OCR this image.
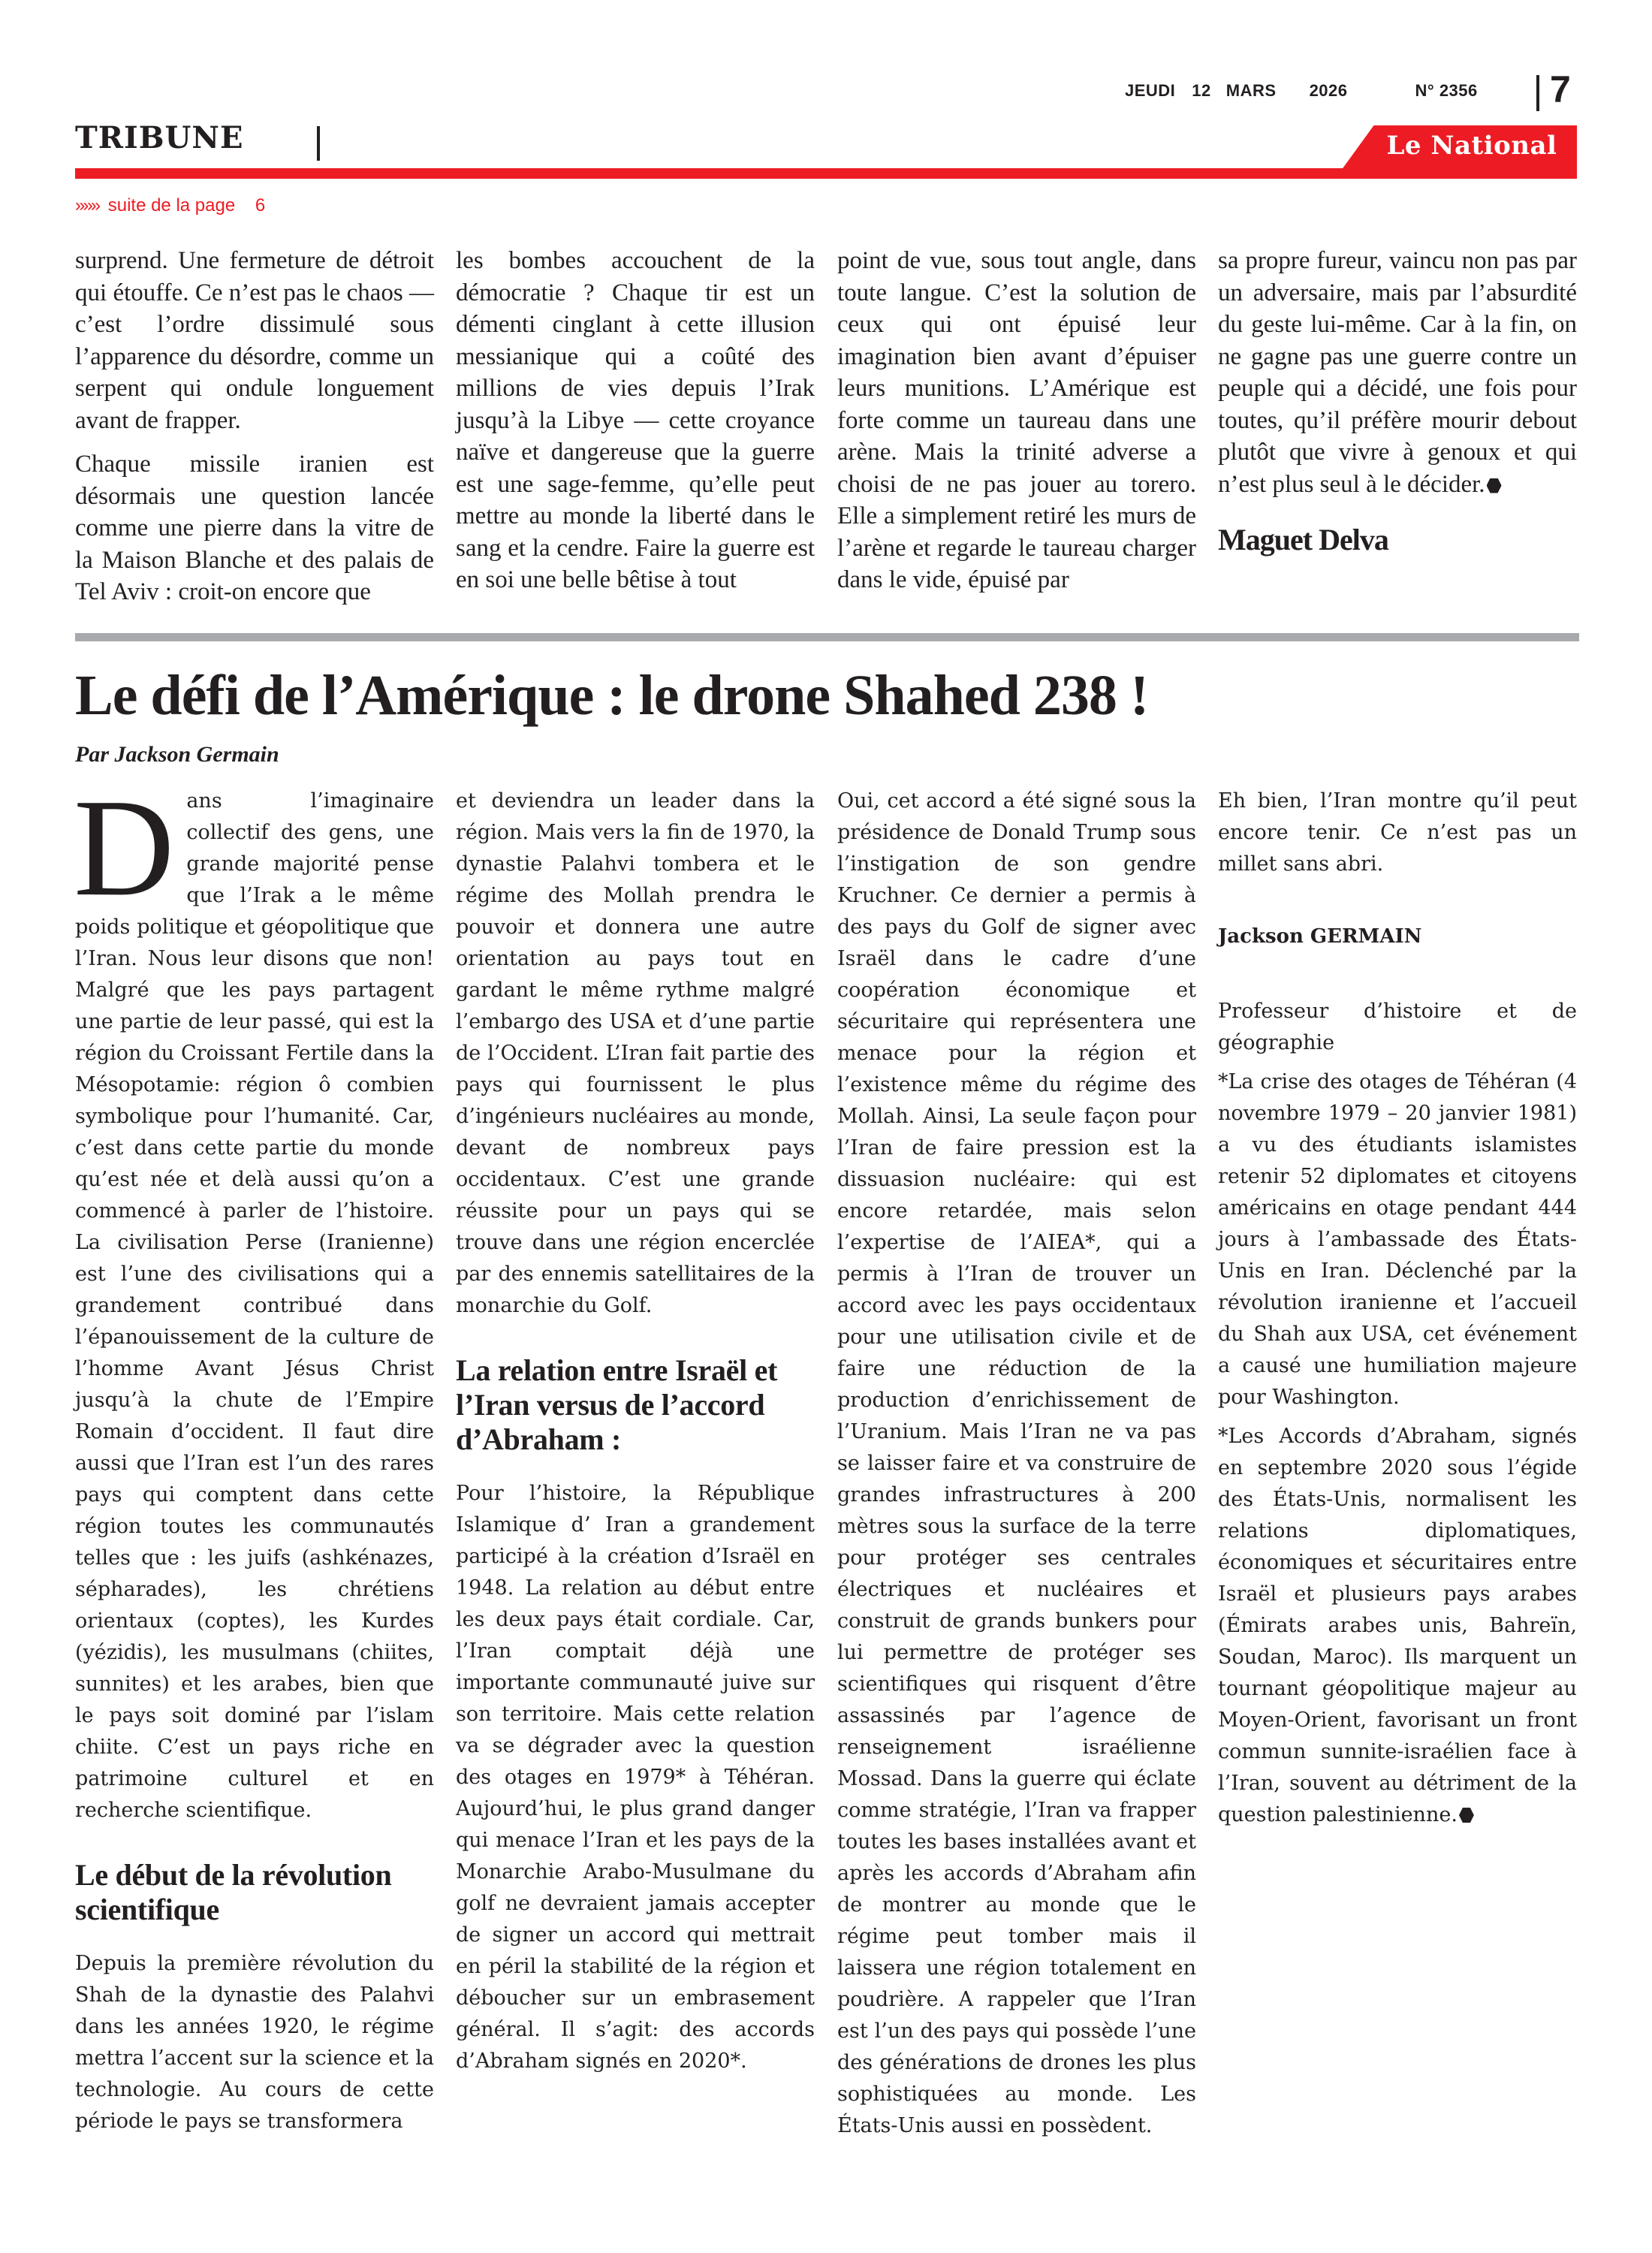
JEUDI 12 MARS 2026	N° 2356 7
TRIBUNE	Le National
»»» suite de la page 6

surprend. Une fermeture de détroit qui étouffe. Ce n’est pas le chaos — c’est l’ordre dissimulé sous l’apparence du désordre, comme un serpent qui ondule longuement avant de frapper.

Chaque missile iranien est désormais une question lancée comme une pierre dans la vitre de la Maison Blanche et des palais de Tel Aviv : croit-on encore que

les bombes accouchent de la démocratie ? Chaque tir est un démenti cinglant à cette illusion messianique qui a coûté des millions de vies depuis l’Irak jusqu’à la Libye — cette croyance naïve et dangereuse que la guerre est une sage-femme, qu’elle peut mettre au monde la liberté dans le sang et la cendre. Faire la guerre est en soi une belle bêtise à tout

point de vue, sous tout angle, dans toute langue. C’est la solution de ceux qui ont épuisé leur imagination bien avant d’épuiser leurs munitions. L’Amérique est forte comme un taureau dans une arène. Mais la trinité adverse a choisi de ne pas jouer au torero. Elle a simplement retiré les murs de l’arène et regarde le taureau charger dans le vide, épuisé par

sa propre fureur, vaincu non pas par un adversaire, mais par l’absurdité du geste lui-même. Car à la fin, on ne gagne pas une guerre contre un peuple qui a décidé, une fois pour toutes, qu’il préfère mourir debout plutôt que vivre à genoux et qui n’est plus seul à le décider.

Maguet Delva
Le défi de l’Amérique : le drone Shahed 238 !
Par Jackson Germain

Dans l’imaginaire collectif des gens, une grande majorité pense que l’Irak a le même poids politique et géopolitique que l’Iran. Nous leur disons que non! Malgré que les pays partagent une partie de leur passé, qui est la région du Croissant Fertile dans la Mésopotamie: région ô combien symbolique pour l’humanité. Car, c’est dans cette partie du monde qu’est née et delà aussi qu’on a commencé à parler de l’histoire. La civilisation Perse (Iranienne) est l’une des civilisations qui a grandement contribué dans l’épanouissement de la culture de l’homme Avant Jésus Christ jusqu’à la chute de l’Empire Romain d’occident. Il faut dire aussi que l’Iran est l’un des rares pays qui comptent dans cette région toutes les communautés telles que : les juifs (ashkénazes, sépharades), les chrétiens orientaux (coptes), les Kurdes (yézidis), les musulmans (chiites, sunnites) et les arabes, bien que le pays soit dominé par l’islam chiite. C’est un pays riche en patrimoine culturel et en recherche scientifique.

Le début de la révolution scientifique

Depuis la première révolution du Shah de la dynastie des Palahvi dans les années 1920, le régime mettra l’accent sur la science et la technologie. Au cours de cette période le pays se transformera

et deviendra un leader dans la région. Mais vers la fin de 1970, la dynastie Palahvi tombera et le régime des Mollah prendra le pouvoir et donnera une autre orientation au pays tout en gardant le même rythme malgré l’embargo des USA et d’une partie de l’Occident. L’Iran fait partie des pays qui fournissent le plus d’ingénieurs nucléaires au monde, devant de nombreux pays occidentaux. C’est une grande réussite pour un pays qui se trouve dans une région encerclée par des ennemis satellitaires de la monarchie du Golf.

La relation entre Israël et l’Iran versus de l’accord d’Abraham :

Pour l’histoire, la République Islamique d’ Iran a grandement participé à la création d’Israël en 1948. La relation au début entre les deux pays était cordiale. Car, l’Iran comptait déjà une importante communauté juive sur son territoire. Mais cette relation va se dégrader avec la question des otages en 1979* à Téhéran. Aujourd’hui, le plus grand danger qui menace l’Iran et les pays de la Monarchie Arabo-Musulmane du golf ne devraient jamais accepter de signer un accord qui mettrait en péril la stabilité de la région et déboucher sur un embrasement général. Il s’agit: des accords d’Abraham signés en 2020*.

Oui, cet accord a été signé sous la présidence de Donald Trump sous l’instigation de son gendre Kruchner. Ce dernier a permis à des pays du Golf de signer avec Israël dans le cadre d’une coopération économique et sécuritaire qui représentera une menace pour la région et l’existence même du régime des Mollah. Ainsi, La seule façon pour l’Iran de faire pression est la dissuasion nucléaire: qui est encore retardée, mais selon l’expertise de l’AIEA*, qui a permis à l’Iran de trouver un accord avec les pays occidentaux pour une utilisation civile et de faire une réduction de la production d’enrichissement de l’Uranium. Mais l’Iran ne va pas se laisser faire et va construire de grandes infrastructures à 200 mètres sous la surface de la terre pour protéger ses centrales électriques et nucléaires et construit de grands bunkers pour lui permettre de protéger ses scientifiques qui risquent d’être assassinés par l’agence de renseignement israélienne Mossad. Dans la guerre qui éclate comme stratégie, l’Iran va frapper toutes les bases installées avant et après les accords d’Abraham afin de montrer au monde que le régime peut tomber mais il laissera une région totalement en poudrière. A rappeler que l’Iran est l’un des pays qui possède l’une des générations de drones les plus sophistiquées au monde. Les États-Unis aussi en possèdent.

Eh bien, l’Iran montre qu’il peut encore tenir. Ce n’est pas un millet sans abri.

Jackson GERMAIN

Professeur d’histoire et de géographie

*La crise des otages de Téhéran (4 novembre 1979 – 20 janvier 1981) a vu des étudiants islamistes retenir 52 diplomates et citoyens américains en otage pendant 444 jours à l’ambassade des États-Unis en Iran. Déclenché par la révolution iranienne et l’accueil du Shah aux USA, cet événement a causé une humiliation majeure pour Washington.

*Les Accords d’Abraham, signés en septembre 2020 sous l’égide des États-Unis, normalisent les relations diplomatiques, économiques et sécuritaires entre Israël et plusieurs pays arabes (Émirats arabes unis, Bahreïn, Soudan, Maroc). Ils marquent un tournant géopolitique majeur au Moyen-Orient, favorisant un front commun sunnite-israélien face à l’Iran, souvent au détriment de la question palestinienne.
